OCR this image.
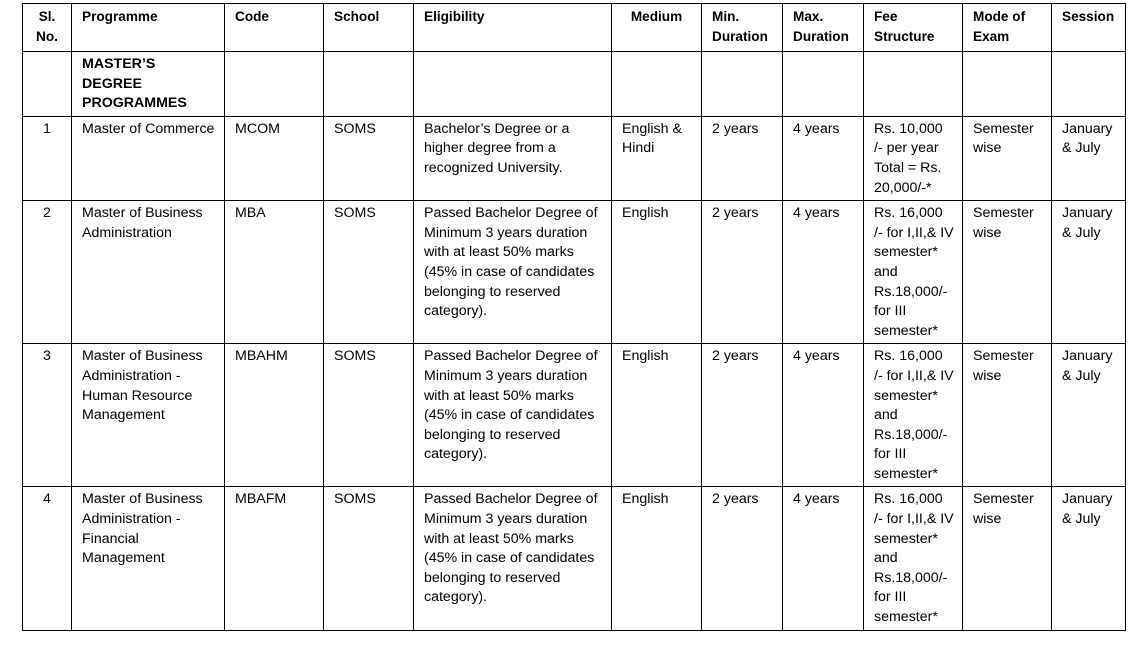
Sl. No.	Programme	Code	School	Eligibility	Medium	Min. Duration	Max. Duration	Fee Structure	Mode of Exam	Session
	MASTER’S DEGREE PROGRAMMES									
1	Master of Commerce	MCOM	SOMS	Bachelor’s Degree or a higher degree from a recognized University.	English & Hindi	2 years	4 years	Rs. 10,000 /- per year Total = Rs. 20,000/-*	Semester wise	January & July
2	Master of Business Administration	MBA	SOMS	Passed Bachelor Degree of Minimum 3 years duration with at least 50% marks (45% in case of candidates belonging to reserved category).	English	2 years	4 years	Rs. 16,000 /- for I,II,& IV semester* and Rs.18,000/- for III semester*	Semester wise	January & July
3	Master of Business Administration - Human Resource Management	MBAHM	SOMS	Passed Bachelor Degree of Minimum 3 years duration with at least 50% marks (45% in case of candidates belonging to reserved category).	English	2 years	4 years	Rs. 16,000 /- for I,II,& IV semester* and Rs.18,000/- for III semester*	Semester wise	January & July
4	Master of Business Administration - Financial Management	MBAFM	SOMS	Passed Bachelor Degree of Minimum 3 years duration with at least 50% marks (45% in case of candidates belonging to reserved category).	English	2 years	4 years	Rs. 16,000 /- for I,II,& IV semester* and Rs.18,000/- for III semester*	Semester wise	January & July
